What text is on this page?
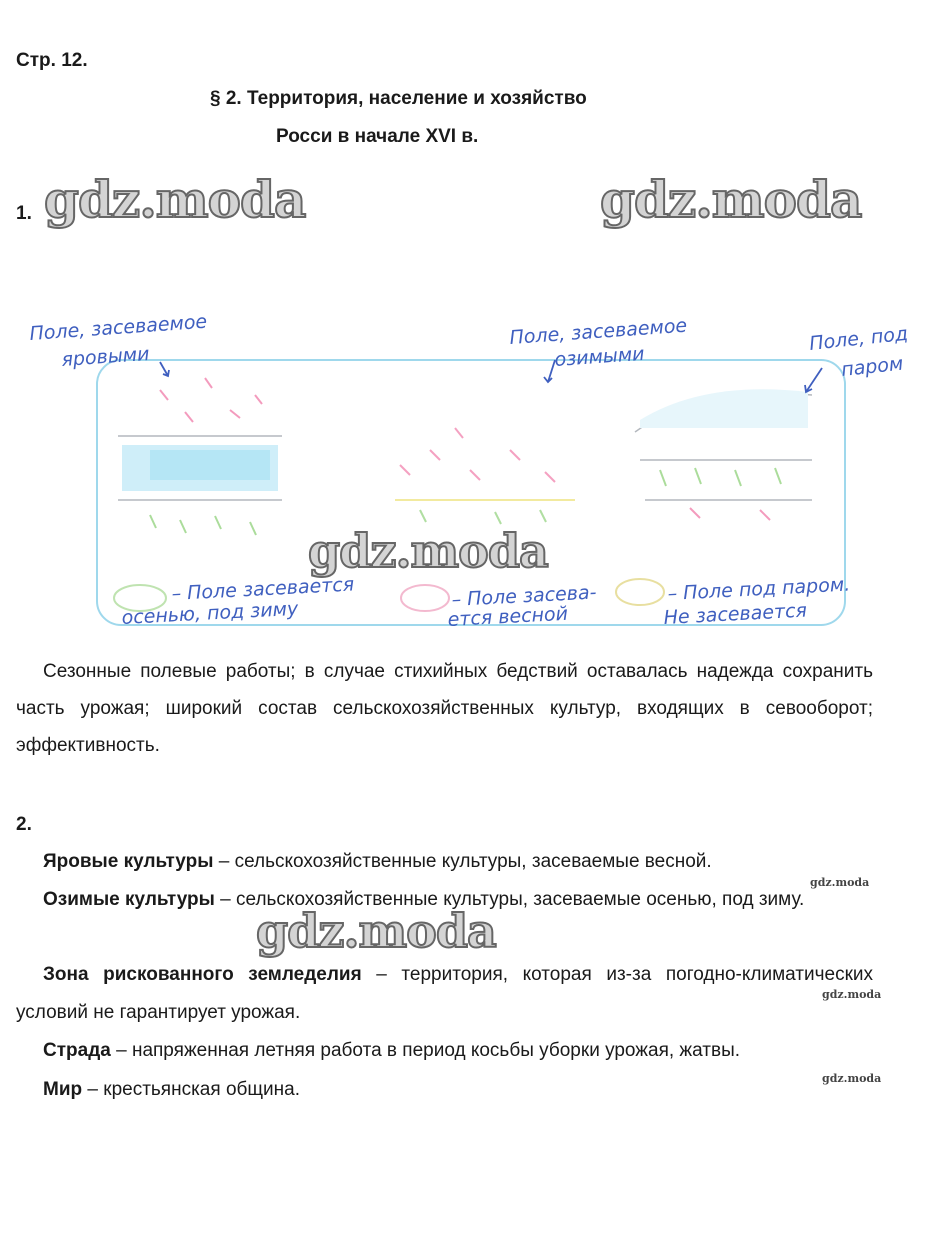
Стр. 12.
§ 2. Территория, население и хозяйство
Росси в начале XVI в.
1. gdz.moda	gdz.moda
Поле, засеваемое
яровыми
Поле, засеваемое
озимыми
Поле, под
паром
– Поле засевается
осенью, под зиму
– Поле засева-
ется весной
– Поле под паром.
Не засевается
gdz.moda
Сезонные полевые работы; в случае стихийных бедствий оставалась надежда сохранить часть урожая; широкий состав сельскохозяйственных культур, входящих в севооборот; эффективность.
2.
Яровые культуры – сельскохозяйственные культуры, засеваемые весной.
gdz.moda
Озимые культуры – сельскохозяйственные культуры, засеваемые осенью, под зиму.
gdz.moda
Зона рискованного земледелия – территория, которая из-за погодно-климатических условий не гарантирует урожая.
gdz.moda
Страда – напряженная летняя работа в период косьбы уборки урожая, жатвы.
gdz.moda
Мир – крестьянская община.
